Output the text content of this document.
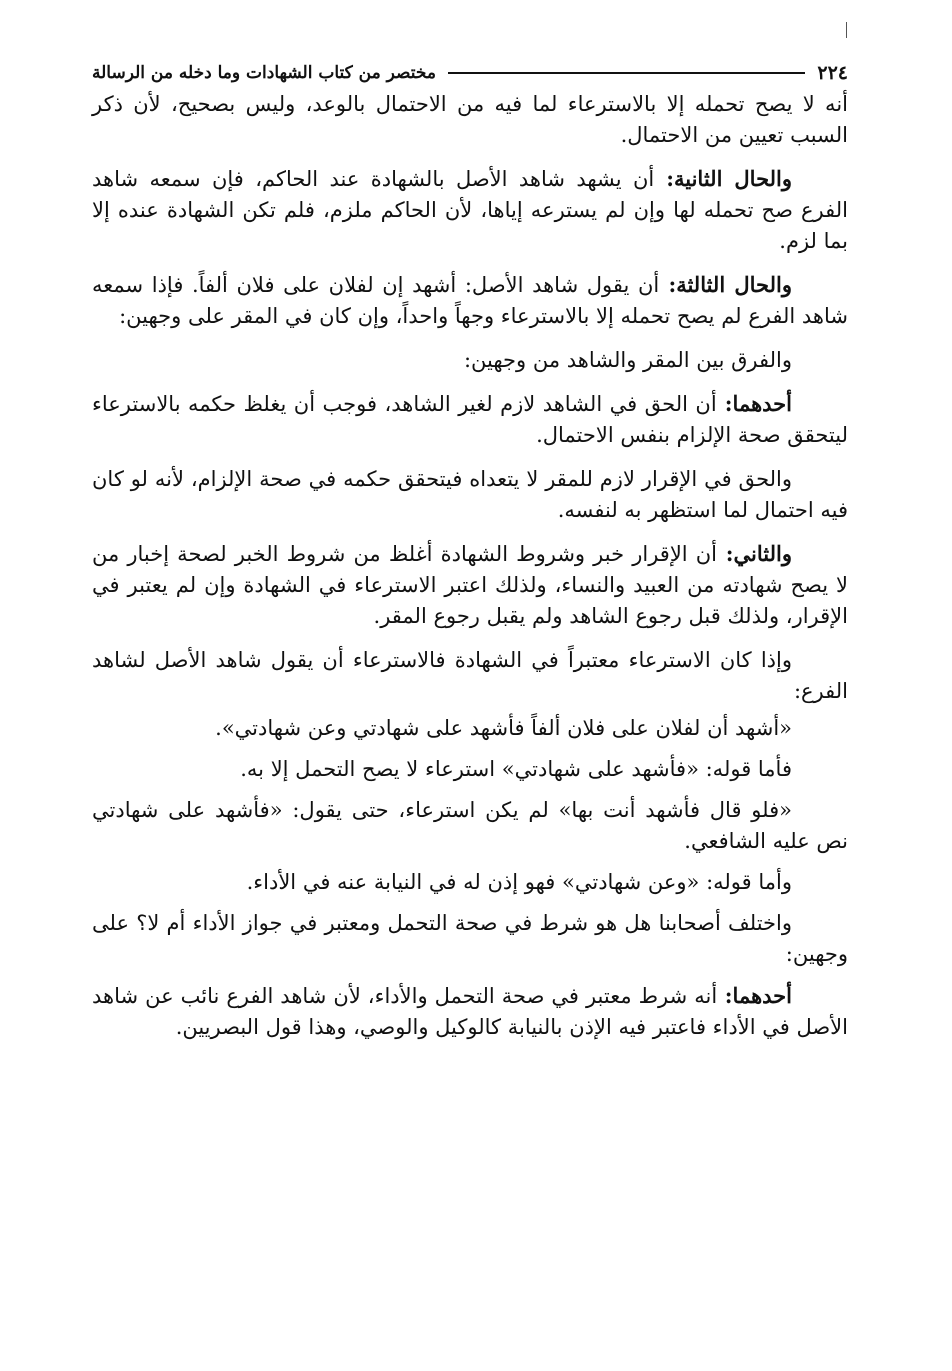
٢٢٤
مختصر من كتاب الشهادات وما دخله من الرسالة

أنه لا يصح تحمله إلا بالاسترعاء لما فيه من الاحتمال بالوعد، وليس بصحيح، لأن ذكر السبب تعيين من الاحتمال.

والحال الثانية: أن يشهد شاهد الأصل بالشهادة عند الحاكم، فإن سمعه شاهد الفرع صح تحمله لها وإن لم يسترعه إياها، لأن الحاكم ملزم، فلم تكن الشهادة عنده إلا بما لزم.

والحال الثالثة: أن يقول شاهد الأصل: أشهد إن لفلان على فلان ألفاً. فإذا سمعه شاهد الفرع لم يصح تحمله إلا بالاسترعاء وجهاً واحداً، وإن كان في المقر على وجهين:

والفرق بين المقر والشاهد من وجهين:

أحدهما: أن الحق في الشاهد لازم لغير الشاهد، فوجب أن يغلظ حكمه بالاسترعاء ليتحقق صحة الإلزام بنفس الاحتمال.

والحق في الإقرار لازم للمقر لا يتعداه فيتحقق حكمه في صحة الإلزام، لأنه لو كان فيه احتمال لما استظهر به لنفسه.

والثاني: أن الإقرار خبر وشروط الشهادة أغلظ من شروط الخبر لصحة إخبار من لا يصح شهادته من العبيد والنساء، ولذلك اعتبر الاسترعاء في الشهادة وإن لم يعتبر في الإقرار، ولذلك قبل رجوع الشاهد ولم يقبل رجوع المقر.

وإذا كان الاسترعاء معتبراً في الشهادة فالاسترعاء أن يقول شاهد الأصل لشاهد الفرع:

«أشهد أن لفلان على فلان ألفاً فأشهد على شهادتي وعن شهادتي».

فأما قوله: «فأشهد على شهادتي» استرعاء لا يصح التحمل إلا به.

«فلو قال فأشهد أنت بها» لم يكن استرعاء، حتى يقول: «فأشهد على شهادتي نص عليه الشافعي.

وأما قوله: «وعن شهادتي» فهو إذن له في النيابة عنه في الأداء.

واختلف أصحابنا هل هو شرط في صحة التحمل ومعتبر في جواز الأداء أم لا؟ على وجهين:

أحدهما: أنه شرط معتبر في صحة التحمل والأداء، لأن شاهد الفرع نائب عن شاهد الأصل في الأداء فاعتبر فيه الإذن بالنيابة كالوكيل والوصي، وهذا قول البصريين.
